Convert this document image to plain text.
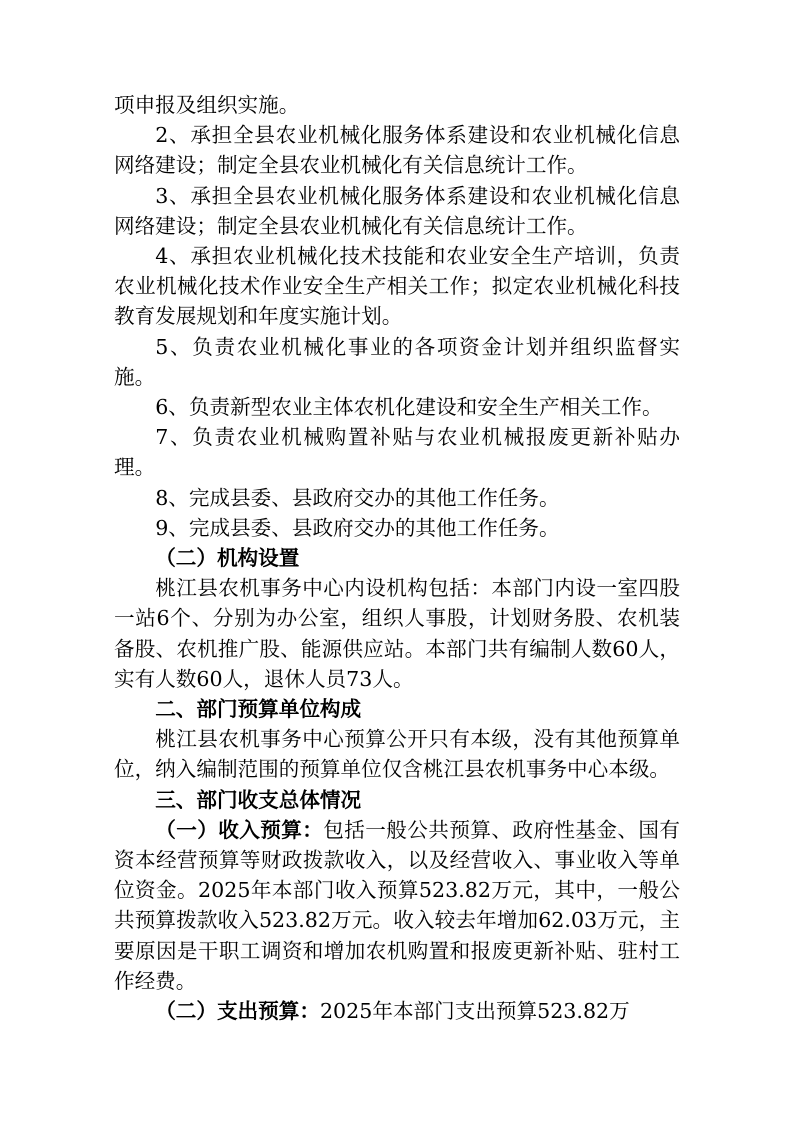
项申报及组织实施。

2、承担全县农业机械化服务体系建设和农业机械化信息网络建设；制定全县农业机械化有关信息统计工作。

3、承担全县农业机械化服务体系建设和农业机械化信息网络建设；制定全县农业机械化有关信息统计工作。

4、承担农业机械化技术技能和农业安全生产培训，负责农业机械化技术作业安全生产相关工作；拟定农业机械化科技教育发展规划和年度实施计划。

5、负责农业机械化事业的各项资金计划并组织监督实施。

6、负责新型农业主体农机化建设和安全生产相关工作。

7、负责农业机械购置补贴与农业机械报废更新补贴办理。

8、完成县委、县政府交办的其他工作任务。

9、完成县委、县政府交办的其他工作任务。

（二）机构设置

桃江县农机事务中心内设机构包括：本部门内设一室四股一站6个、分别为办公室，组织人事股，计划财务股、农机装备股、农机推广股、能源供应站。本部门共有编制人数60人，实有人数60人，退休人员73人。

二、部门预算单位构成

桃江县农机事务中心预算公开只有本级，没有其他预算单位，纳入编制范围的预算单位仅含桃江县农机事务中心本级。

三、部门收支总体情况

（一）收入预算：包括一般公共预算、政府性基金、国有资本经营预算等财政拨款收入，以及经营收入、事业收入等单位资金。2025年本部门收入预算523.82万元，其中，一般公共预算拨款收入523.82万元。收入较去年增加62.03万元，主要原因是干职工调资和增加农机购置和报废更新补贴、驻村工作经费。

（二）支出预算：2025年本部门支出预算523.82万
